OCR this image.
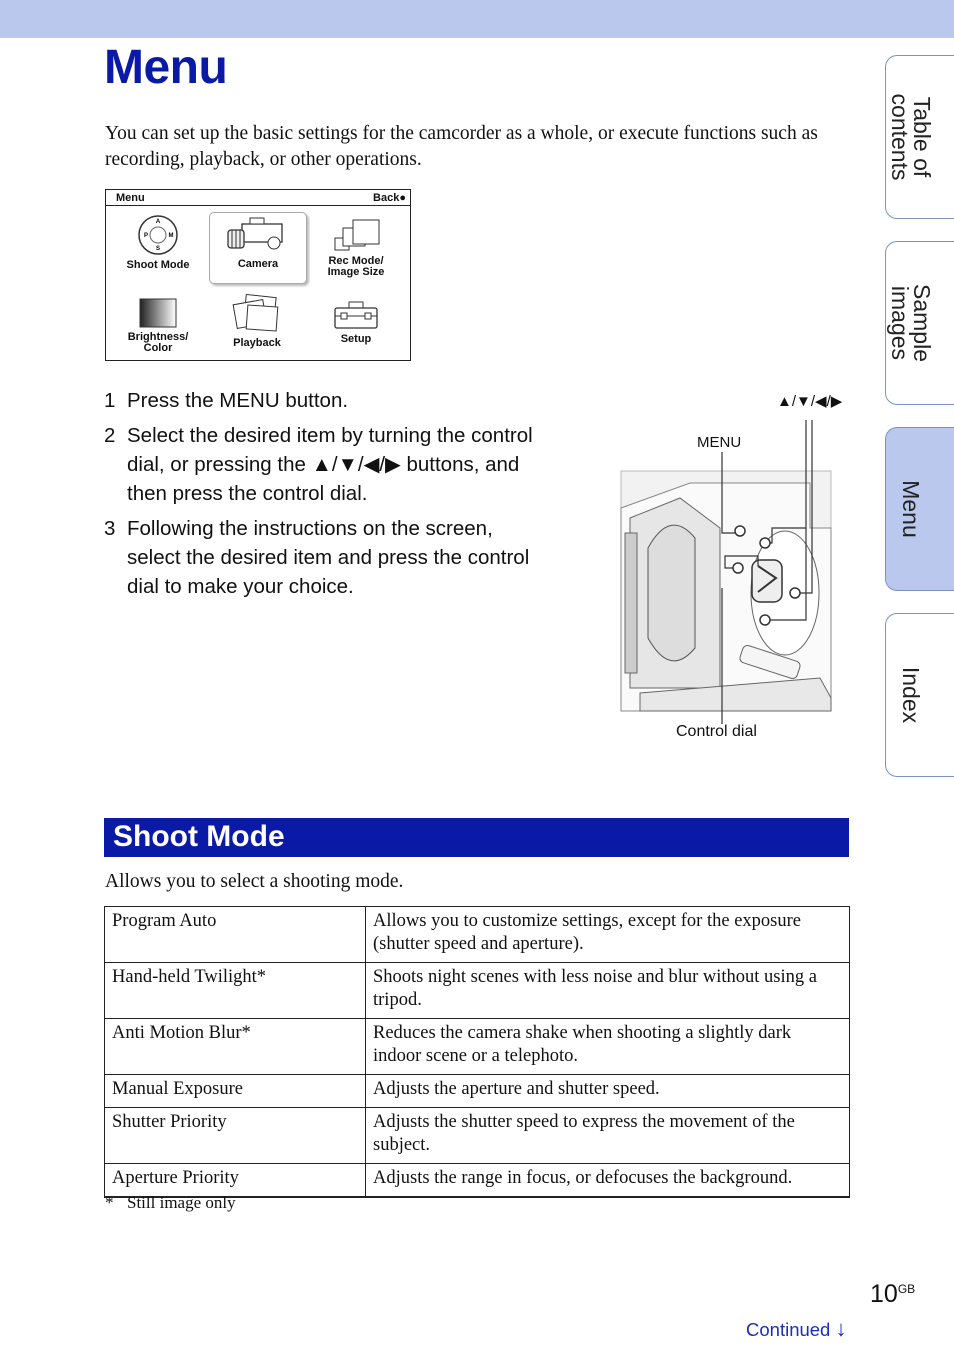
Menu

You can set up the basic settings for the camcorder as a whole, or execute functions such as recording, playback, or other operations.

Table of
contents
Sample
images
Menu
Index
Menu	Back●
A
M
P
S
Shoot Mode	Camera	Rec Mode/
Image Size
Brightness/
Color	Playback	Setup
1 Press the MENU button.
2 Select the desired item by turning the control dial, or pressing the ▲/▼/◀/▶ buttons, and then press the control dial.
3 Following the instructions on the screen, select the desired item and press the control dial to make your choice.
▲/▼/◀/▶
MENU
Control dial
Shoot Mode

Allows you to select a shooting mode.

Program Auto	Allows you to customize settings, except for the exposure (shutter speed and aperture).
Hand-held Twilight*	Shoots night scenes with less noise and blur without using a tripod.
Anti Motion Blur*	Reduces the camera shake when shooting a slightly dark indoor scene or a telephoto.
Manual Exposure	Adjusts the aperture and shutter speed.
Shutter Priority	Adjusts the shutter speed to express the movement of the subject.
Aperture Priority	Adjusts the range in focus, or defocuses the background.

* Still image only

$10^{GB}$
Continued ↓
